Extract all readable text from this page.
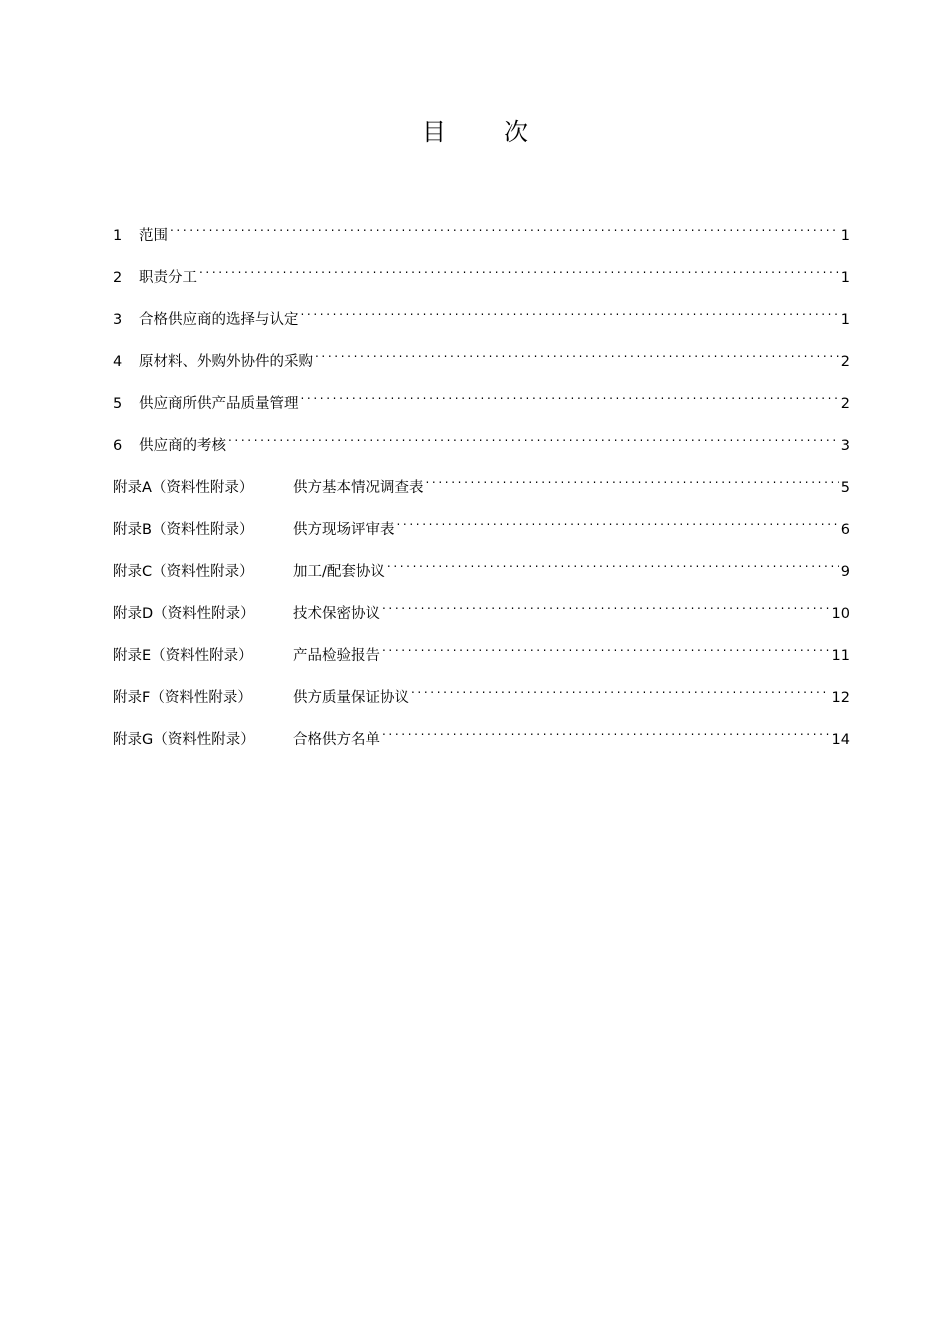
目 次
1	范围 . . .	1
2	职责分工 . . .	1
3	合格供应商的选择与认定 . . .	1
4	原材料、外购外协件的采购 . . .	2
5	供应商所供产品质量管理 . . .	2
6	供应商的考核 . . .	3
附录A（资料性附录）	供方基本情况调查表 . . .	5
附录B（资料性附录）	供方现场评审表 . . .	6
附录C（资料性附录）	加工/配套协议 . . .	9
附录D（资料性附录）	技术保密协议 . . .	10
附录E（资料性附录）	产品检验报告 . . .	11
附录F（资料性附录）	供方质量保证协议 . . .	12
附录G（资料性附录）	合格供方名单 . . .	14
